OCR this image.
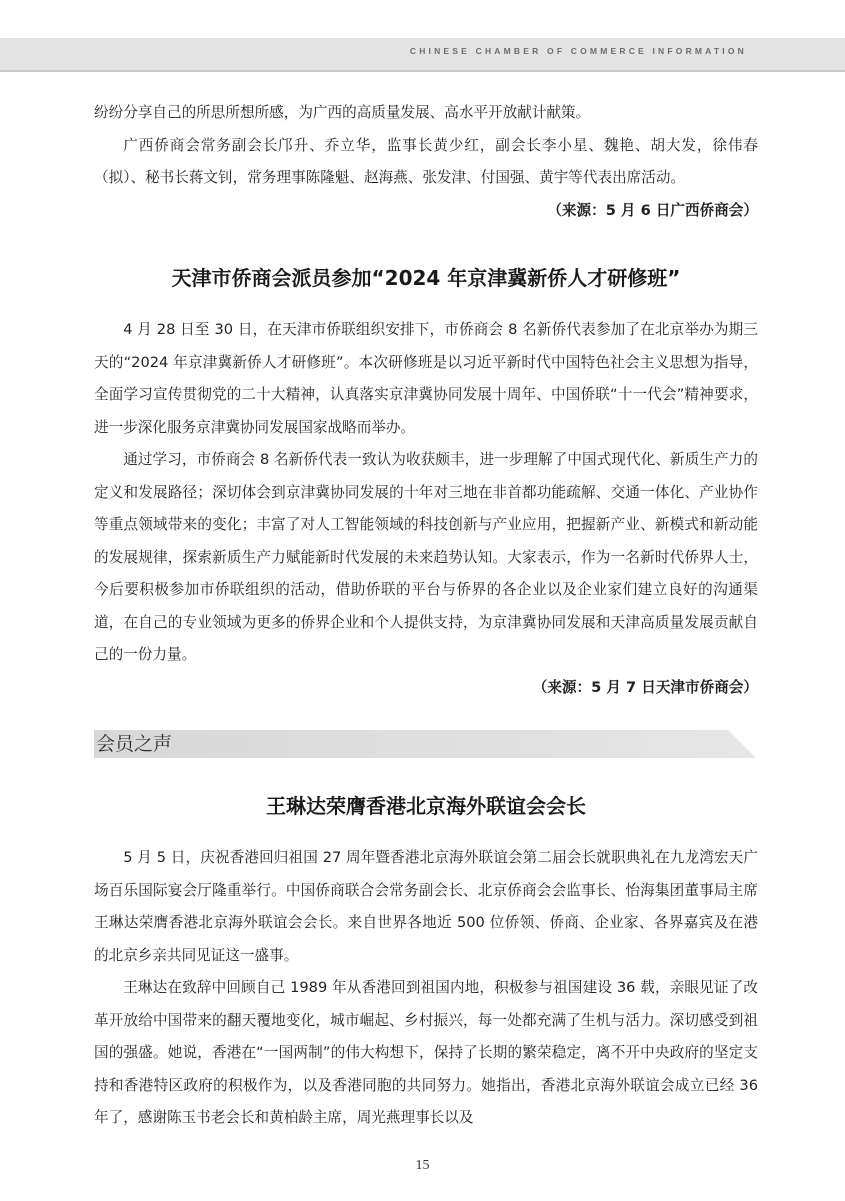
CHINESE CHAMBER OF COMMERCE INFORMATION

纷纷分享自己的所思所想所感，为广西的高质量发展、高水平开放献计献策。

广西侨商会常务副会长邝升、乔立华，监事长黄少红，副会长李小星、魏艳、胡大发，徐伟春（拟）、秘书长蒋文钊，常务理事陈隆魁、赵海燕、张发津、付国强、黄宇等代表出席活动。

（来源：5 月 6 日广西侨商会）

天津市侨商会派员参加“2024 年京津冀新侨人才研修班”

4 月 28 日至 30 日，在天津市侨联组织安排下，市侨商会 8 名新侨代表参加了在北京举办为期三天的“2024 年京津冀新侨人才研修班”。本次研修班是以习近平新时代中国特色社会主义思想为指导，全面学习宣传贯彻党的二十大精神，认真落实京津冀协同发展十周年、中国侨联“十一代会”精神要求，进一步深化服务京津冀协同发展国家战略而举办。

通过学习，市侨商会 8 名新侨代表一致认为收获颇丰，进一步理解了中国式现代化、新质生产力的定义和发展路径；深切体会到京津冀协同发展的十年对三地在非首都功能疏解、交通一体化、产业协作等重点领域带来的变化；丰富了对人工智能领域的科技创新与产业应用，把握新产业、新模式和新动能的发展规律，探索新质生产力赋能新时代发展的未来趋势认知。大家表示，作为一名新时代侨界人士，今后要积极参加市侨联组织的活动，借助侨联的平台与侨界的各企业以及企业家们建立良好的沟通渠道，在自己的专业领域为更多的侨界企业和个人提供支持，为京津冀协同发展和天津高质量发展贡献自己的一份力量。

（来源：5 月 7 日天津市侨商会）

会员之声
王琳达荣膺香港北京海外联谊会会长

5 月 5 日，庆祝香港回归祖国 27 周年暨香港北京海外联谊会第二届会长就职典礼在九龙湾宏天广场百乐国际宴会厅隆重举行。中国侨商联合会常务副会长、北京侨商会会监事长、怡海集团董事局主席王琳达荣膺香港北京海外联谊会会长。来自世界各地近 500 位侨领、侨商、企业家、各界嘉宾及在港的北京乡亲共同见证这一盛事。

王琳达在致辞中回顾自己 1989 年从香港回到祖国内地，积极参与祖国建设 36 载，亲眼见证了改革开放给中国带来的翻天覆地变化，城市崛起、乡村振兴，每一处都充满了生机与活力。深切感受到祖国的强盛。她说，香港在“一国两制”的伟大构想下，保持了长期的繁荣稳定，离不开中央政府的坚定支持和香港特区政府的积极作为，以及香港同胞的共同努力。她指出，香港北京海外联谊会成立已经 36 年了，感谢陈玉书老会长和黄柏龄主席，周光燕理事长以及

15
